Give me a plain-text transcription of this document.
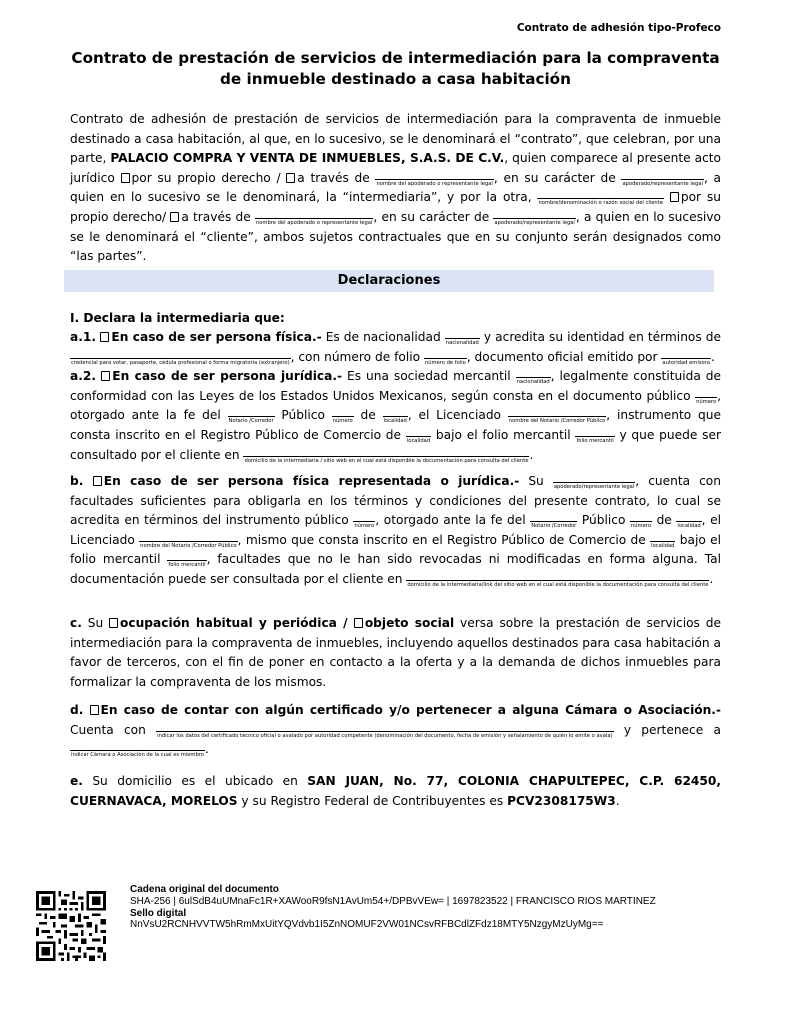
Contrato de adhesión tipo-Profeco
Contrato de prestación de servicios de intermediación para la compraventa de inmueble destinado a casa habitación
Contrato de adhesión de prestación de servicios de intermediación para la compraventa de inmueble destinado a casa habitación, al que, en lo sucesivo, se le denominará el “contrato”, que celebran, por una parte, PALACIO COMPRA Y VENTA DE INMUEBLES, S.A.S. DE C.V., quien comparece al presente acto jurídico por su propio derecho / a través de nombre del apoderado o representante legal, en su carácter de apoderado/representante legal, a quien en lo sucesivo se le denominará, la “intermediaria”, y por la otra, nombre/denominación o razón social del cliente por su propio derecho/ a través de nombre del apoderado o representante legal, en su carácter de apoderado/representante legal, a quien en lo sucesivo se le denominará el “cliente”, ambos sujetos contractuales que en su conjunto serán designados como “las partes”.
Declaraciones
I. Declara la intermediaria que:
a.1. En caso de ser persona física.- Es de nacionalidad nacionalidad y acredita su identidad en términos de credencial para votar, pasaporte, cédula profesional o forma migratoria (extranjero), con número de folio número de folio, documento oficial emitido por autoridad emisora.
a.2. En caso de ser persona jurídica.- Es una sociedad mercantil nacionalidad, legalmente constituida de conformidad con las Leyes de los Estados Unidos Mexicanos, según consta en el documento público número, otorgado ante la fe del Notario /Corredor Público número de localidad, el Licenciado nombre del Notario /Corredor Público, instrumento que consta inscrito en el Registro Público de Comercio de localidad bajo el folio mercantil folio mercantil y que puede ser consultado por el cliente en domicilio de la intermediaria / sitio web en el cual está disponible la documentación para consulta del cliente.
b. En caso de ser persona física representada o jurídica.- Su apoderado/representante legal, cuenta con facultades suficientes para obligarla en los términos y condiciones del presente contrato, lo cual se acredita en términos del instrumento público número, otorgado ante la fe del Notario /Corredor Público número de localidad, el Licenciado nombre del Notario /Corredor Público, mismo que consta inscrito en el Registro Público de Comercio de localidad bajo el folio mercantil folio mercantil, facultades que no le han sido revocadas ni modificadas en forma alguna. Tal documentación puede ser consultada por el cliente en domicilio de la intermediaria/link del sitio web en el cual está disponible la documentación para consulta del cliente.
c. Su ocupación habitual y periódica / objeto social versa sobre la prestación de servicios de intermediación para la compraventa de inmuebles, incluyendo aquellos destinados para casa habitación a favor de terceros, con el fin de poner en contacto a la oferta y a la demanda de dichos inmuebles para formalizar la compraventa de los mismos.
d. En caso de contar con algún certificado y/o pertenecer a alguna Cámara o Asociación.- Cuenta con indicar los datos del certificado técnico oficial o avalado por autoridad competente (denominación del documento, fecha de emisión y señalamiento de quién lo emite o avala) y pertenece a indicar Cámara o Asociación de la cual es miembro.
e. Su domicilio es el ubicado en SAN JUAN, No. 77, COLONIA CHAPULTEPEC, C.P. 62450, CUERNAVACA, MORELOS y su Registro Federal de Contribuyentes es PCV2308175W3.
Cadena original del documento
SHA-256 | 6ulSdB4uUMnaFc1R+XAWooR9fsN1AvUm54+/DPBvVEw= | 1697823522 | FRANCISCO RIOS MARTINEZ
Sello digital
NnVsU2RCNHVVTW5hRmMxUitYQVdvb1I5ZnNOMUF2VW01NCsvRFBCdlZFdz18MTY5NzgyMzUyMg==
